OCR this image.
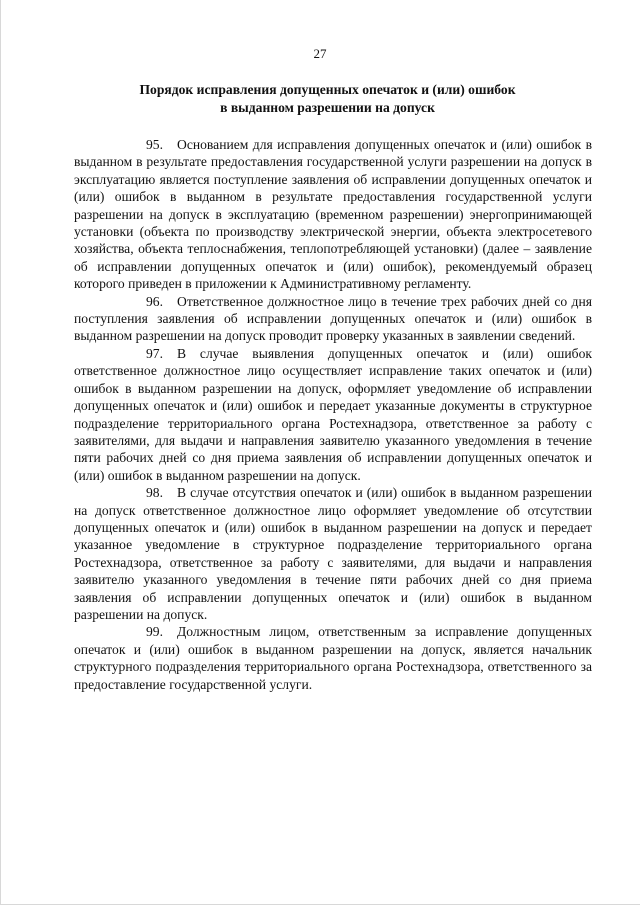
27
Порядок исправления допущенных опечаток и (или) ошибок
в выданном разрешении на допуск

95. Основанием для исправления допущенных опечаток и (или) ошибок в выданном в результате предоставления государственной услуги разрешении на допуск в эксплуатацию является поступление заявления об исправлении допущенных опечаток и (или) ошибок в выданном в результате предоставления государственной услуги разрешении на допуск в эксплуатацию (временном разрешении) энергопринимающей установки (объекта по производству электрической энергии, объекта электросетевого хозяйства, объекта теплоснабжения, теплопотребляющей установки) (далее – заявление об исправлении допущенных опечаток и (или) ошибок), рекомендуемый образец которого приведен в приложении к Административному регламенту.

96. Ответственное должностное лицо в течение трех рабочих дней со дня поступления заявления об исправлении допущенных опечаток и (или) ошибок в выданном разрешении на допуск проводит проверку указанных в заявлении сведений.

97. В случае выявления допущенных опечаток и (или) ошибок ответственное должностное лицо осуществляет исправление таких опечаток и (или) ошибок в выданном разрешении на допуск, оформляет уведомление об исправлении допущенных опечаток и (или) ошибок и передает указанные документы в структурное подразделение территориального органа Ростехнадзора, ответственное за работу с заявителями, для выдачи и направления заявителю указанного уведомления в течение пяти рабочих дней со дня приема заявления об исправлении допущенных опечаток и (или) ошибок в выданном разрешении на допуск.

98. В случае отсутствия опечаток и (или) ошибок в выданном разрешении на допуск ответственное должностное лицо оформляет уведомление об отсутствии допущенных опечаток и (или) ошибок в выданном разрешении на допуск и передает указанное уведомление в структурное подразделение территориального органа Ростехнадзора, ответственное за работу с заявителями, для выдачи и направления заявителю указанного уведомления в течение пяти рабочих дней со дня приема заявления об исправлении допущенных опечаток и (или) ошибок в выданном разрешении на допуск.

99. Должностным лицом, ответственным за исправление допущенных опечаток и (или) ошибок в выданном разрешении на допуск, является начальник структурного подразделения территориального органа Ростехнадзора, ответственного за предоставление государственной услуги.
